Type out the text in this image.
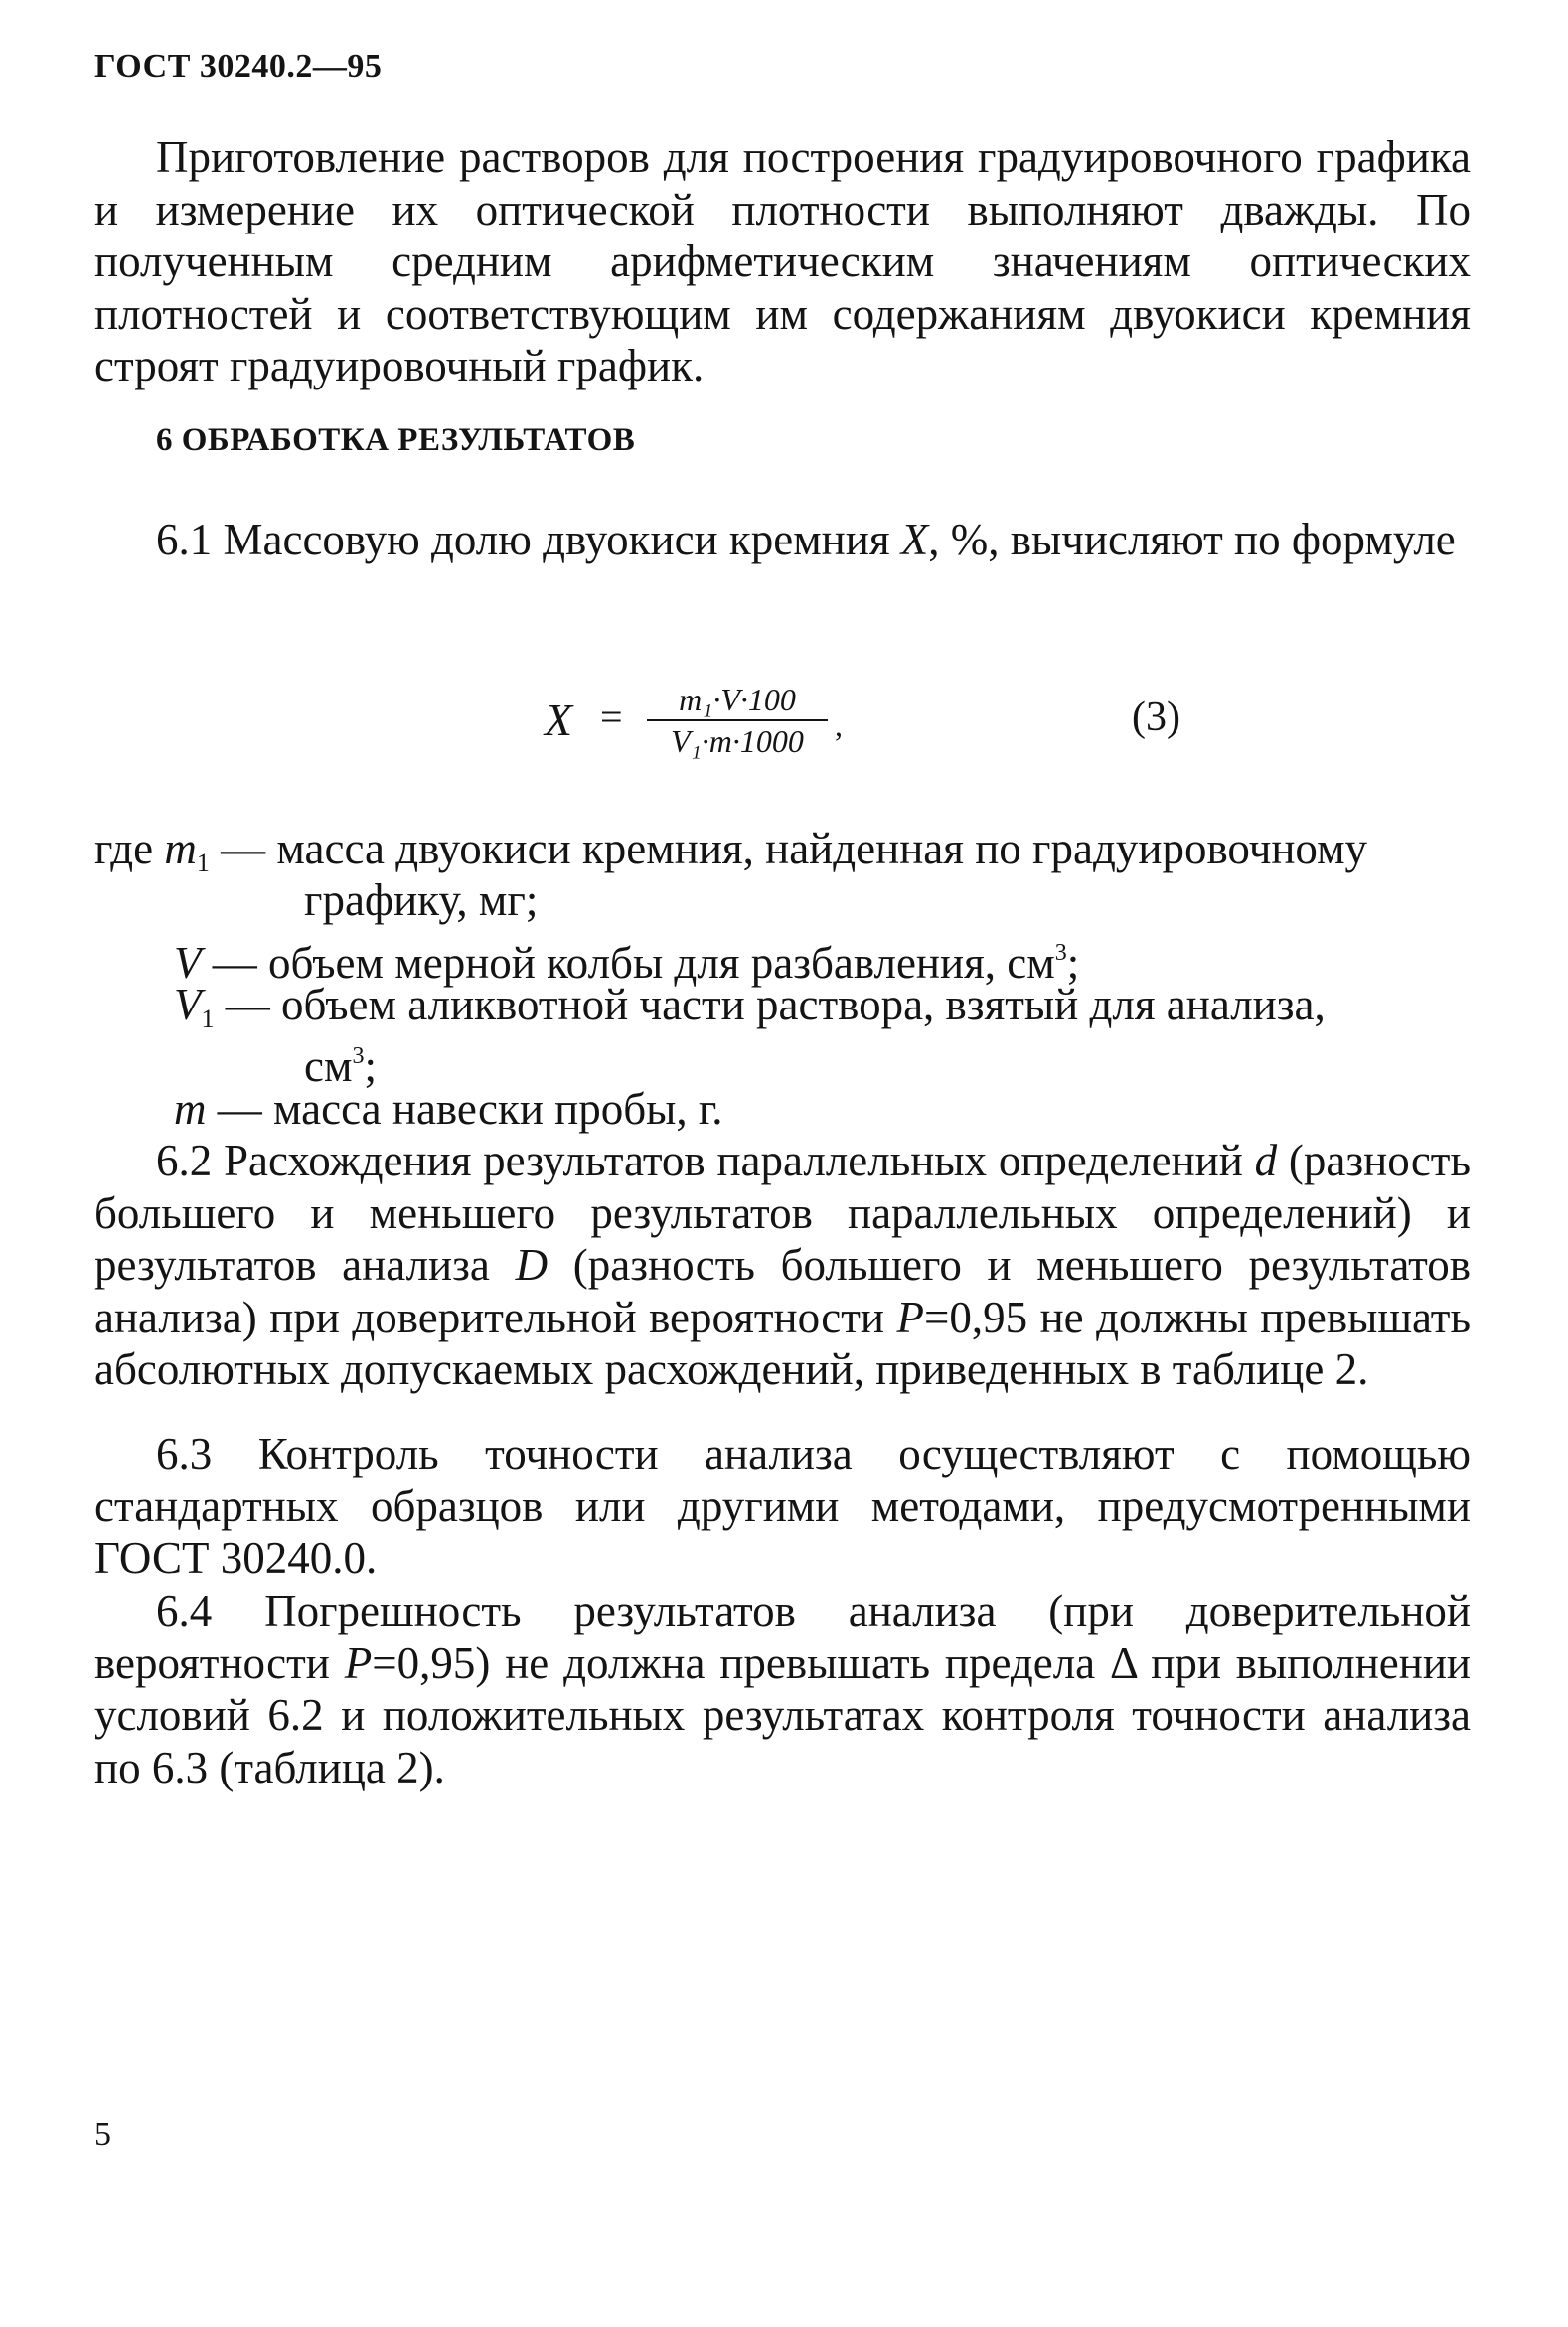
ГОСТ 30240.2—95
Приготовление растворов для построения градуировочного графика и измерение их оптической плотности выполняют дважды. По полученным средним арифметическим значениям оптических плотностей и соответствующим им содержаниям двуокиси кремния строят градуировочный график.
6 ОБРАБОТКА РЕЗУЛЬТАТОВ
6.1 Массовую долю двуокиси кремния X, %, вычисляют по формуле
X =	m₁·V·100
V₁·m·1000 ,	(3)
где $m_1$ — масса двуокиси кремния, найденная по градуировочному
графику, мг;
V — объем мерной колбы для разбавления, $см^3$;
$V_1$ — объем аликвотной части раствора, взятый для анализа,
$см^3$;
m — масса навески пробы, г.
6.2 Расхождения результатов параллельных определений d (разность большего и меньшего результатов параллельных определений) и результатов анализа D (разность большего и меньшего результатов анализа) при доверительной вероятности P=0,95 не должны превышать абсолютных допускаемых расхождений, приведенных в таблице 2.
6.3 Контроль точности анализа осуществляют с помощью стандартных образцов или другими методами, предусмотренными ГОСТ 30240.0.
6.4 Погрешность результатов анализа (при доверительной вероятности P=0,95) не должна превышать предела Δ при выполнении условий 6.2 и положительных результатах контроля точности анализа по 6.3 (таблица 2).
5
